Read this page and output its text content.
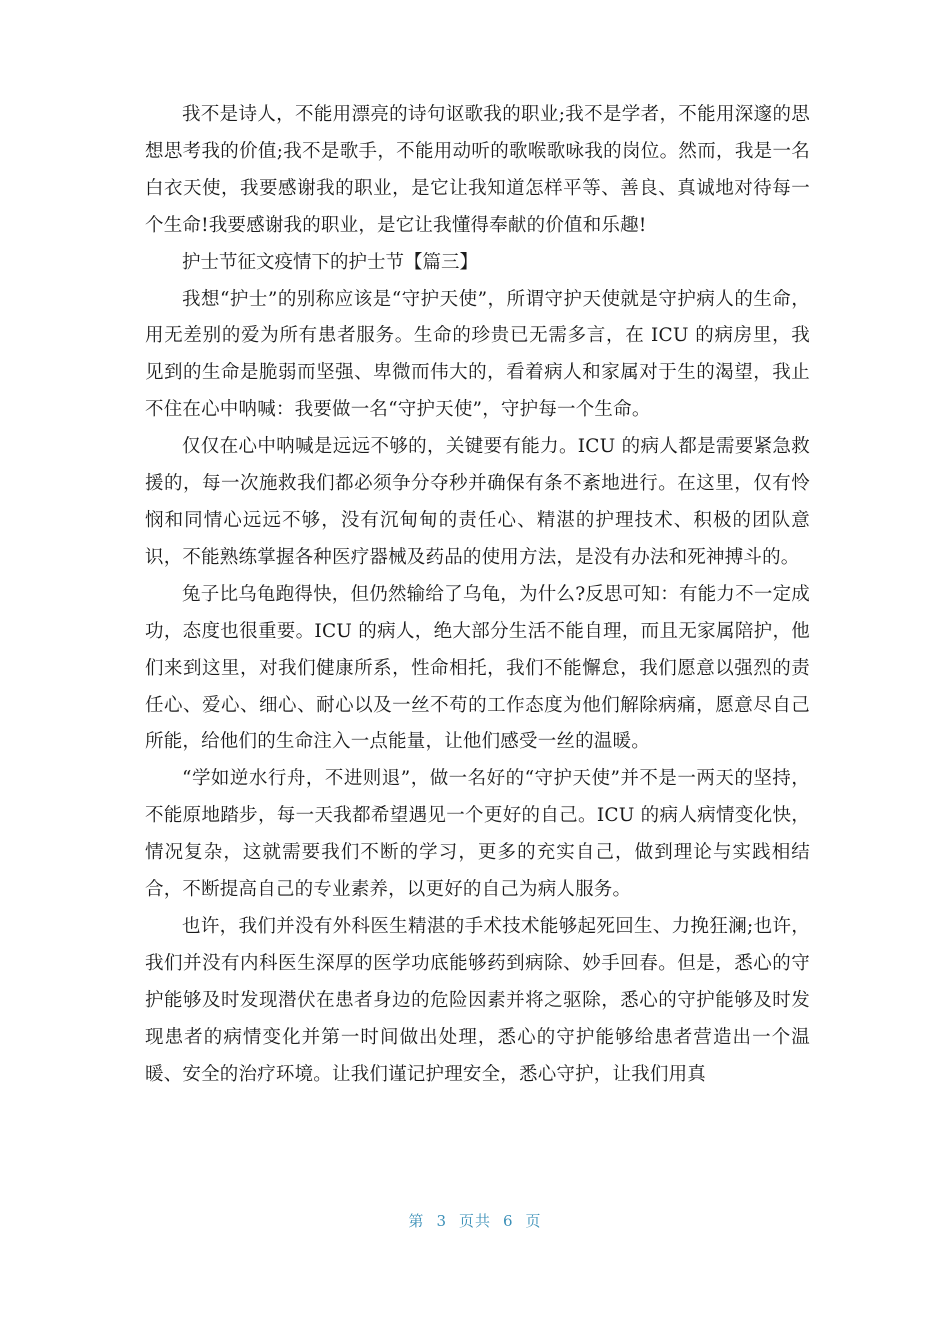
我不是诗人，不能用漂亮的诗句讴歌我的职业;我不是学者，不能用深邃的思想思考我的价值;我不是歌手，不能用动听的歌喉歌咏我的岗位。然而，我是一名白衣天使，我要感谢我的职业，是它让我知道怎样平等、善良、真诚地对待每一个生命!我要感谢我的职业，是它让我懂得奉献的价值和乐趣!

护士节征文疫情下的护士节【篇三】

我想“护士”的别称应该是“守护天使”，所谓守护天使就是守护病人的生命，用无差别的爱为所有患者服务。生命的珍贵已无需多言，在 ICU 的病房里，我见到的生命是脆弱而坚强、卑微而伟大的，看着病人和家属对于生的渴望，我止不住在心中呐喊：我要做一名“守护天使”，守护每一个生命。

仅仅在心中呐喊是远远不够的，关键要有能力。ICU 的病人都是需要紧急救援的，每一次施救我们都必须争分夺秒并确保有条不紊地进行。在这里，仅有怜悯和同情心远远不够，没有沉甸甸的责任心、精湛的护理技术、积极的团队意识，不能熟练掌握各种医疗器械及药品的使用方法，是没有办法和死神搏斗的。

兔子比乌龟跑得快，但仍然输给了乌龟，为什么?反思可知：有能力不一定成功，态度也很重要。ICU 的病人，绝大部分生活不能自理，而且无家属陪护，他们来到这里，对我们健康所系，性命相托，我们不能懈怠，我们愿意以强烈的责任心、爱心、细心、耐心以及一丝不苟的工作态度为他们解除病痛，愿意尽自己所能，给他们的生命注入一点能量，让他们感受一丝的温暖。

“学如逆水行舟，不进则退”，做一名好的“守护天使”并不是一两天的坚持，不能原地踏步，每一天我都希望遇见一个更好的自己。ICU 的病人病情变化快，情况复杂，这就需要我们不断的学习，更多的充实自己，做到理论与实践相结合，不断提高自己的专业素养，以更好的自己为病人服务。

也许，我们并没有外科医生精湛的手术技术能够起死回生、力挽狂澜;也许，我们并没有内科医生深厚的医学功底能够药到病除、妙手回春。但是，悉心的守护能够及时发现潜伏在患者身边的危险因素并将之驱除，悉心的守护能够及时发现患者的病情变化并第一时间做出处理，悉心的守护能够给患者营造出一个温暖、安全的治疗环境。让我们谨记护理安全，悉心守护，让我们用真

第 3 页共 6 页
